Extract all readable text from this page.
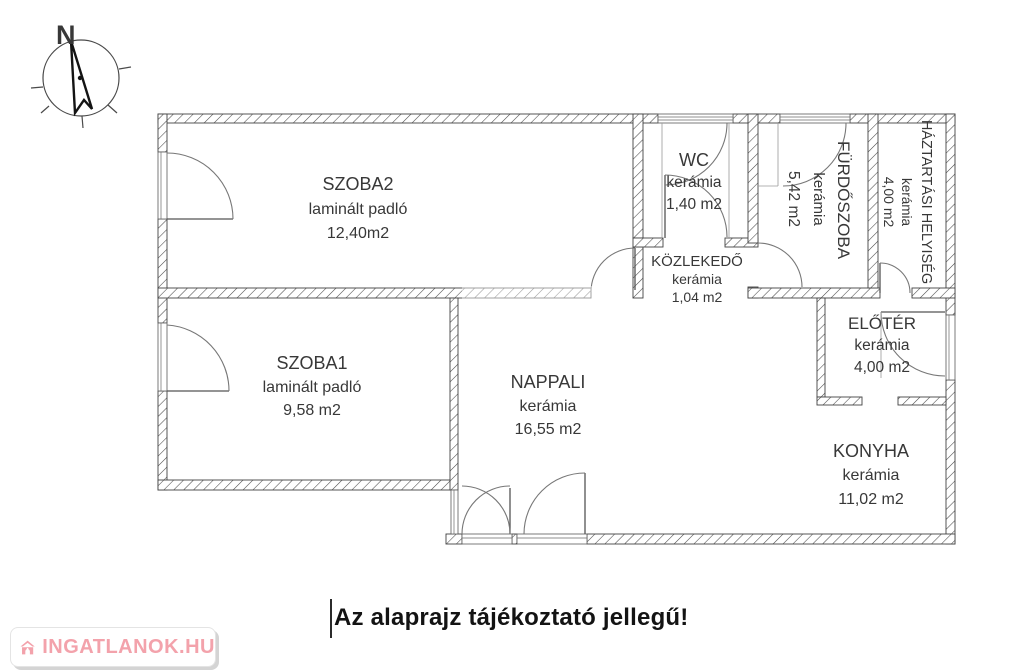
N
SZOBA2
laminált padló
12,40m2
SZOBA1
laminált padló
9,58 m2
NAPPALI
kerámia
16,55 m2
WC
kerámia
1,40 m2
KÖZLEKEDŐ
kerámia
1,04 m2
FÜRDŐSZOBA
kerámia
5,42 m2	HÁZTARTÁSI HELYISÉG
kerámia
4,00 m2
ELŐTÉR
kerámia
4,00 m2
KONYHA
kerámia
11,02 m2
Az alaprajz tájékoztató jellegű!
INGATLANOK.HU
